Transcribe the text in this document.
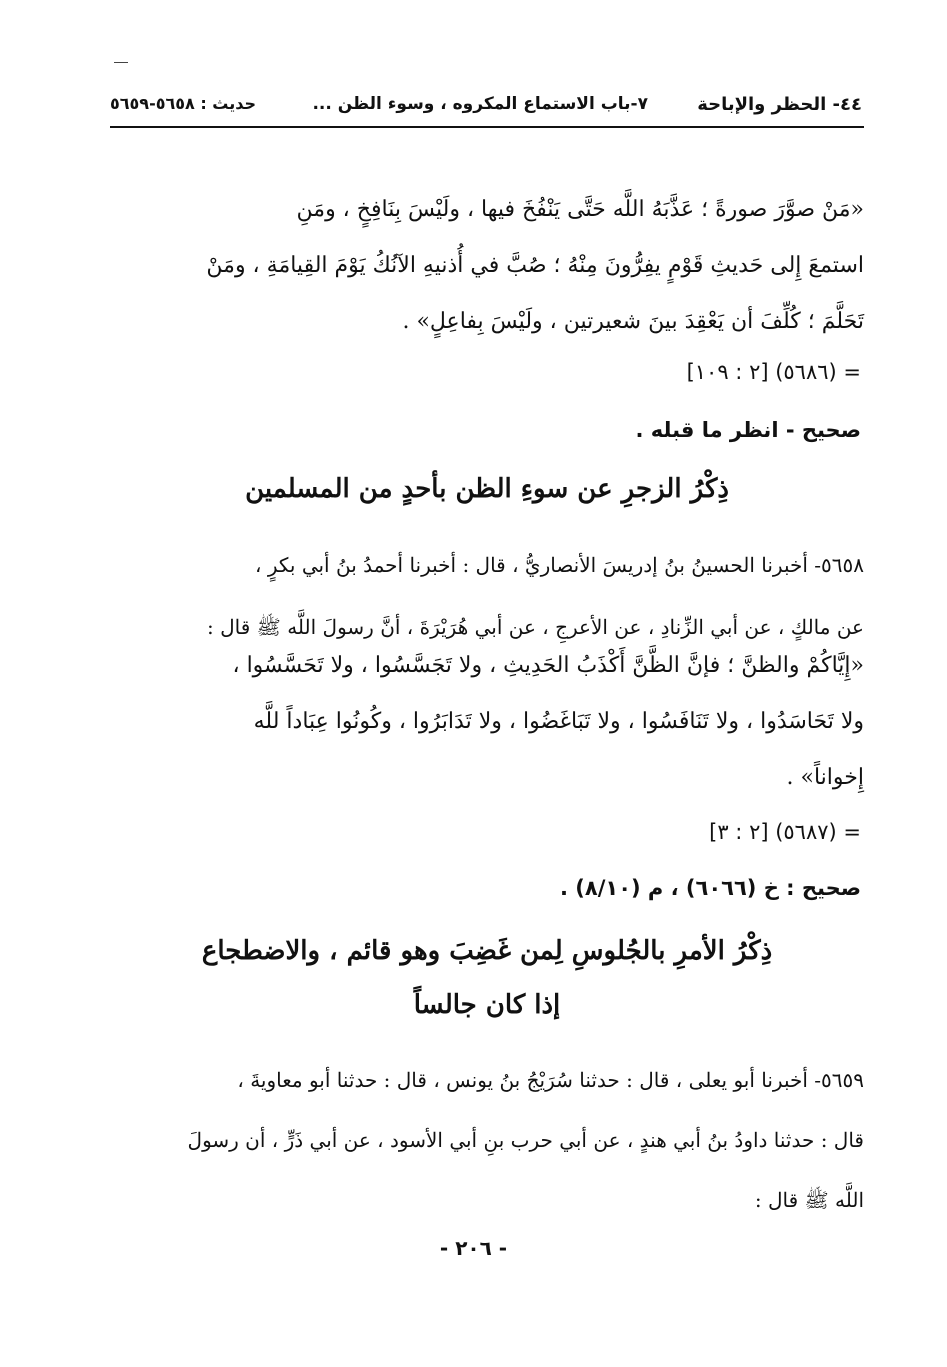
٤٤- الحظر والإباحة
٧-باب الاستماع المكروه ، وسوء الظن ...
حديث : ٥٦٥٨-٥٦٥٩

«مَنْ صوَّرَ صورةً ؛ عَذَّبَهُ اللَّه حَتَّى يَنْفُخَ فيها ، ولَيْسَ بِنَافِخٍ ، ومَنِ

استمعَ إِلى حَديثِ قَوْمٍ يفِرُّونَ مِنْهُ ؛ صُبَّ في أُذنيهِ الآنُكُ يَوْمَ القِيامَةِ ، ومَنْ

تَحَلَّمَ ؛ كُلِّفَ أن يَعْقِدَ بينَ شعيرتين ، ولَيْسَ بِفاعِلٍ» .

= (٥٦٨٦) [٢ : ١٠٩]
صحيح - انظر ما قبله .
ذِكْرُ الزجرِ عن سوءِ الظن بأحدٍ من المسلمين

٥٦٥٨- أخبرنا الحسينُ بنُ إدريسَ الأنصاريُّ ، قال : أخبرنا أحمدُ بنُ أبي بكرٍ ،

عن مالكٍ ، عن أبي الزِّنادِ ، عن الأعرجِ ، عن أبي هُرَيْرَةَ ، أنَّ رسولَ اللَّه ﷺ قال :

«إِيَّاكُمْ والظنَّ ؛ فإنَّ الظَّنَّ أَكْذَبُ الحَدِيثِ ، ولا تَجَسَّسُوا ، ولا تَحَسَّسُوا ،

ولا تَحَاسَدُوا ، ولا تَنَافَسُوا ، ولا تَبَاغَضُوا ، ولا تَدَابَرُوا ، وكُونُوا عِبَاداً للَّه

إِخواناً» .

= (٥٦٨٧) [٢ : ٣]
صحيح : خ (٦٠٦٦) ، م (٨/١٠) .
ذِكْرُ الأمرِ بالجُلوسِ لِمن غَضِبَ وهو قائم ، والاضطجاع
إذا كان جالساً

٥٦٥٩- أخبرنا أبو يعلى ، قال : حدثنا سُرَيْجُ بنُ يونس ، قال : حدثنا أبو معاويةَ ،

قال : حدثنا داودُ بنُ أبي هندٍ ، عن أبي حرب بنِ أبي الأسود ، عن أبي ذَرٍّ ، أن رسولَ

اللَّه ﷺ قال :

- ٢٠٦ -
